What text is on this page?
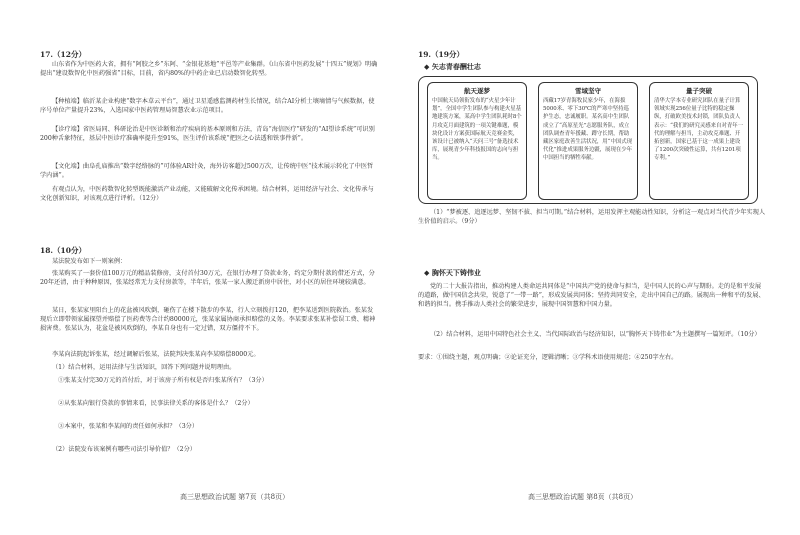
17.（12分）

山东省作为中医药大省，拥有“阿胶之乡”东阿、“金银花基地”平邑等产业集群。《山东省中医药发展“十四五”规划》明确提出“建设数智化中医药强省”目标，目前，省内80%的中药企业已启动数智化转型。

【种植端】临沂某企业构建“数字本草云平台”，通过卫星遥感监测药材生长情况，结合AI分析土壤墒情与气候数据，使序号单位产量提升23%，入选国家中医药管理局智慧农业示范项目。

【诊疗端】省医局同、科研论治是中医诊断和治疗疾病的基本原则和方法，青岛“海信医疗”研发的“AI望诊系统”可识别200种舌象特征，基层中医诊疗准确率提升至91%，医生评价该系统“把医之心法透和铁事件新”。

【文化端】曲阜孔庙推出“数字经络脉的”可体验AR针灸，海外访客超过500万次，让传统中医“技术展示转化了中医哲学内涵”。

有观点认为，中医药数智化转型既能激活产业动能，又能破解文化传承困境。结合材料，运用经济与社会、文化传承与文化创新知识，对该观点进行评析。（12分）

18.（10分）

某法院发布如下一则案例：

张某购买了一套价值100万元的精品装修房，支付首付30万元，在银行办理了贷款业务，约定分期付款的借还方式，分20年还清，由于种种原因，张某经常无力支付房款等，半年后，张某一家人搬迁新房中居住，对小区的居住环境较满意。

某日，张某家里阳台上的花盆被风吹倒，砸伤了在楼下散步的李某，行人立刻拨打120，把李某送到医院救治。张某发现后立即带领家属探望并赔偿了医药费等合计约80000元，张某家属协商承担赔偿的义务。李某要求张某补偿误工费、精神损害费。张某认为，花盆是被风吹倒的，李某自身也有一定过错，双方僵持不下。

李某向法院起诉张某，经过调解后张某，法院判决张某向李某赔偿8000元。

（1）结合材料，运用法律与生活知识，回答下列问题并说明理由。

①张某支付完30万元的首付后，对于该房子所有权是否归张某所有？（3分）

②从张某向银行贷款的事情来看，民事法律关系的客体是什么？（2分）

③本案中，张某和李某间的责任如何承担？（3分）

（2）法院发布该案例有哪些司法引导价值？（2分）

高三思想政治试题 第7页（共8页）
19.（19分）
◆ 矢志青春酬壮志
航天逐梦

中国航天局领衔发布的“火星少年计划”，全国中学生团队参与构建火星基地建筑方案，某高中学生团队耗时8个月攻克月面建筑的一项关键难题，模块化设计方案获国际航天竞赛金奖，该设计已被纳入“天问三号”备选技术库，展现青少年科技报国的志向与担当。

雪域坚守

西藏17岁青海牧民家少年，在海拔5000米、零下30℃的严寒中坚持巡护生态，忠诚履职。某名高中生团队成立了“高原星光”志愿服务队，成立团队调查青年援藏、蹲守长期，帮助藏区家庭改善生活状况，用“中国式现代化”推进成果服务边疆，展现在少年中国担当的牺牲奉献。

量子突破

清华大学本专业研究团队在量子计算领域实现256位量子比特的稳定操纵，打破欧美技术封锁，团队负责人表示：“我们的研究灵感来自对青年一代的理解与担当，主动攻克难题、开拓创新，国家已基于这一成果上建设了1200次突破性运算，共有1201项专利。”

（1）“梦被逐、追逐远梦、坚韧不拔、担当可期。”结合材料，运用发挥主观能动性知识，分析这一观点对当代青少年实现人生价值的启示。（9分）

◆ 胸怀天下铸伟业

党的二十大报告指出，推动构建人类命运共同体是“中国共产党的使命与担当，是中国人民的心声与期盼。走的是和平发展的道路，做中国信念共荣，锐意了“一带一路”，形成发展共同体；坚持共同安全，走出中国自己的路。展现出一种和平的发展、和谐的担当。携手推动人类社会的繁荣进步，展现中国智慧和中国力量。

（2）结合材料，运用中国特色社会主义、当代国际政治与经济知识，以“胸怀天下铸伟业”为主题撰写一篇短评。（10分）

要求：①围绕主题，观点明确；②论证充分，逻辑清晰；③学科术语使用规范；④250字左右。

高三思想政治试题 第8页（共8页）
